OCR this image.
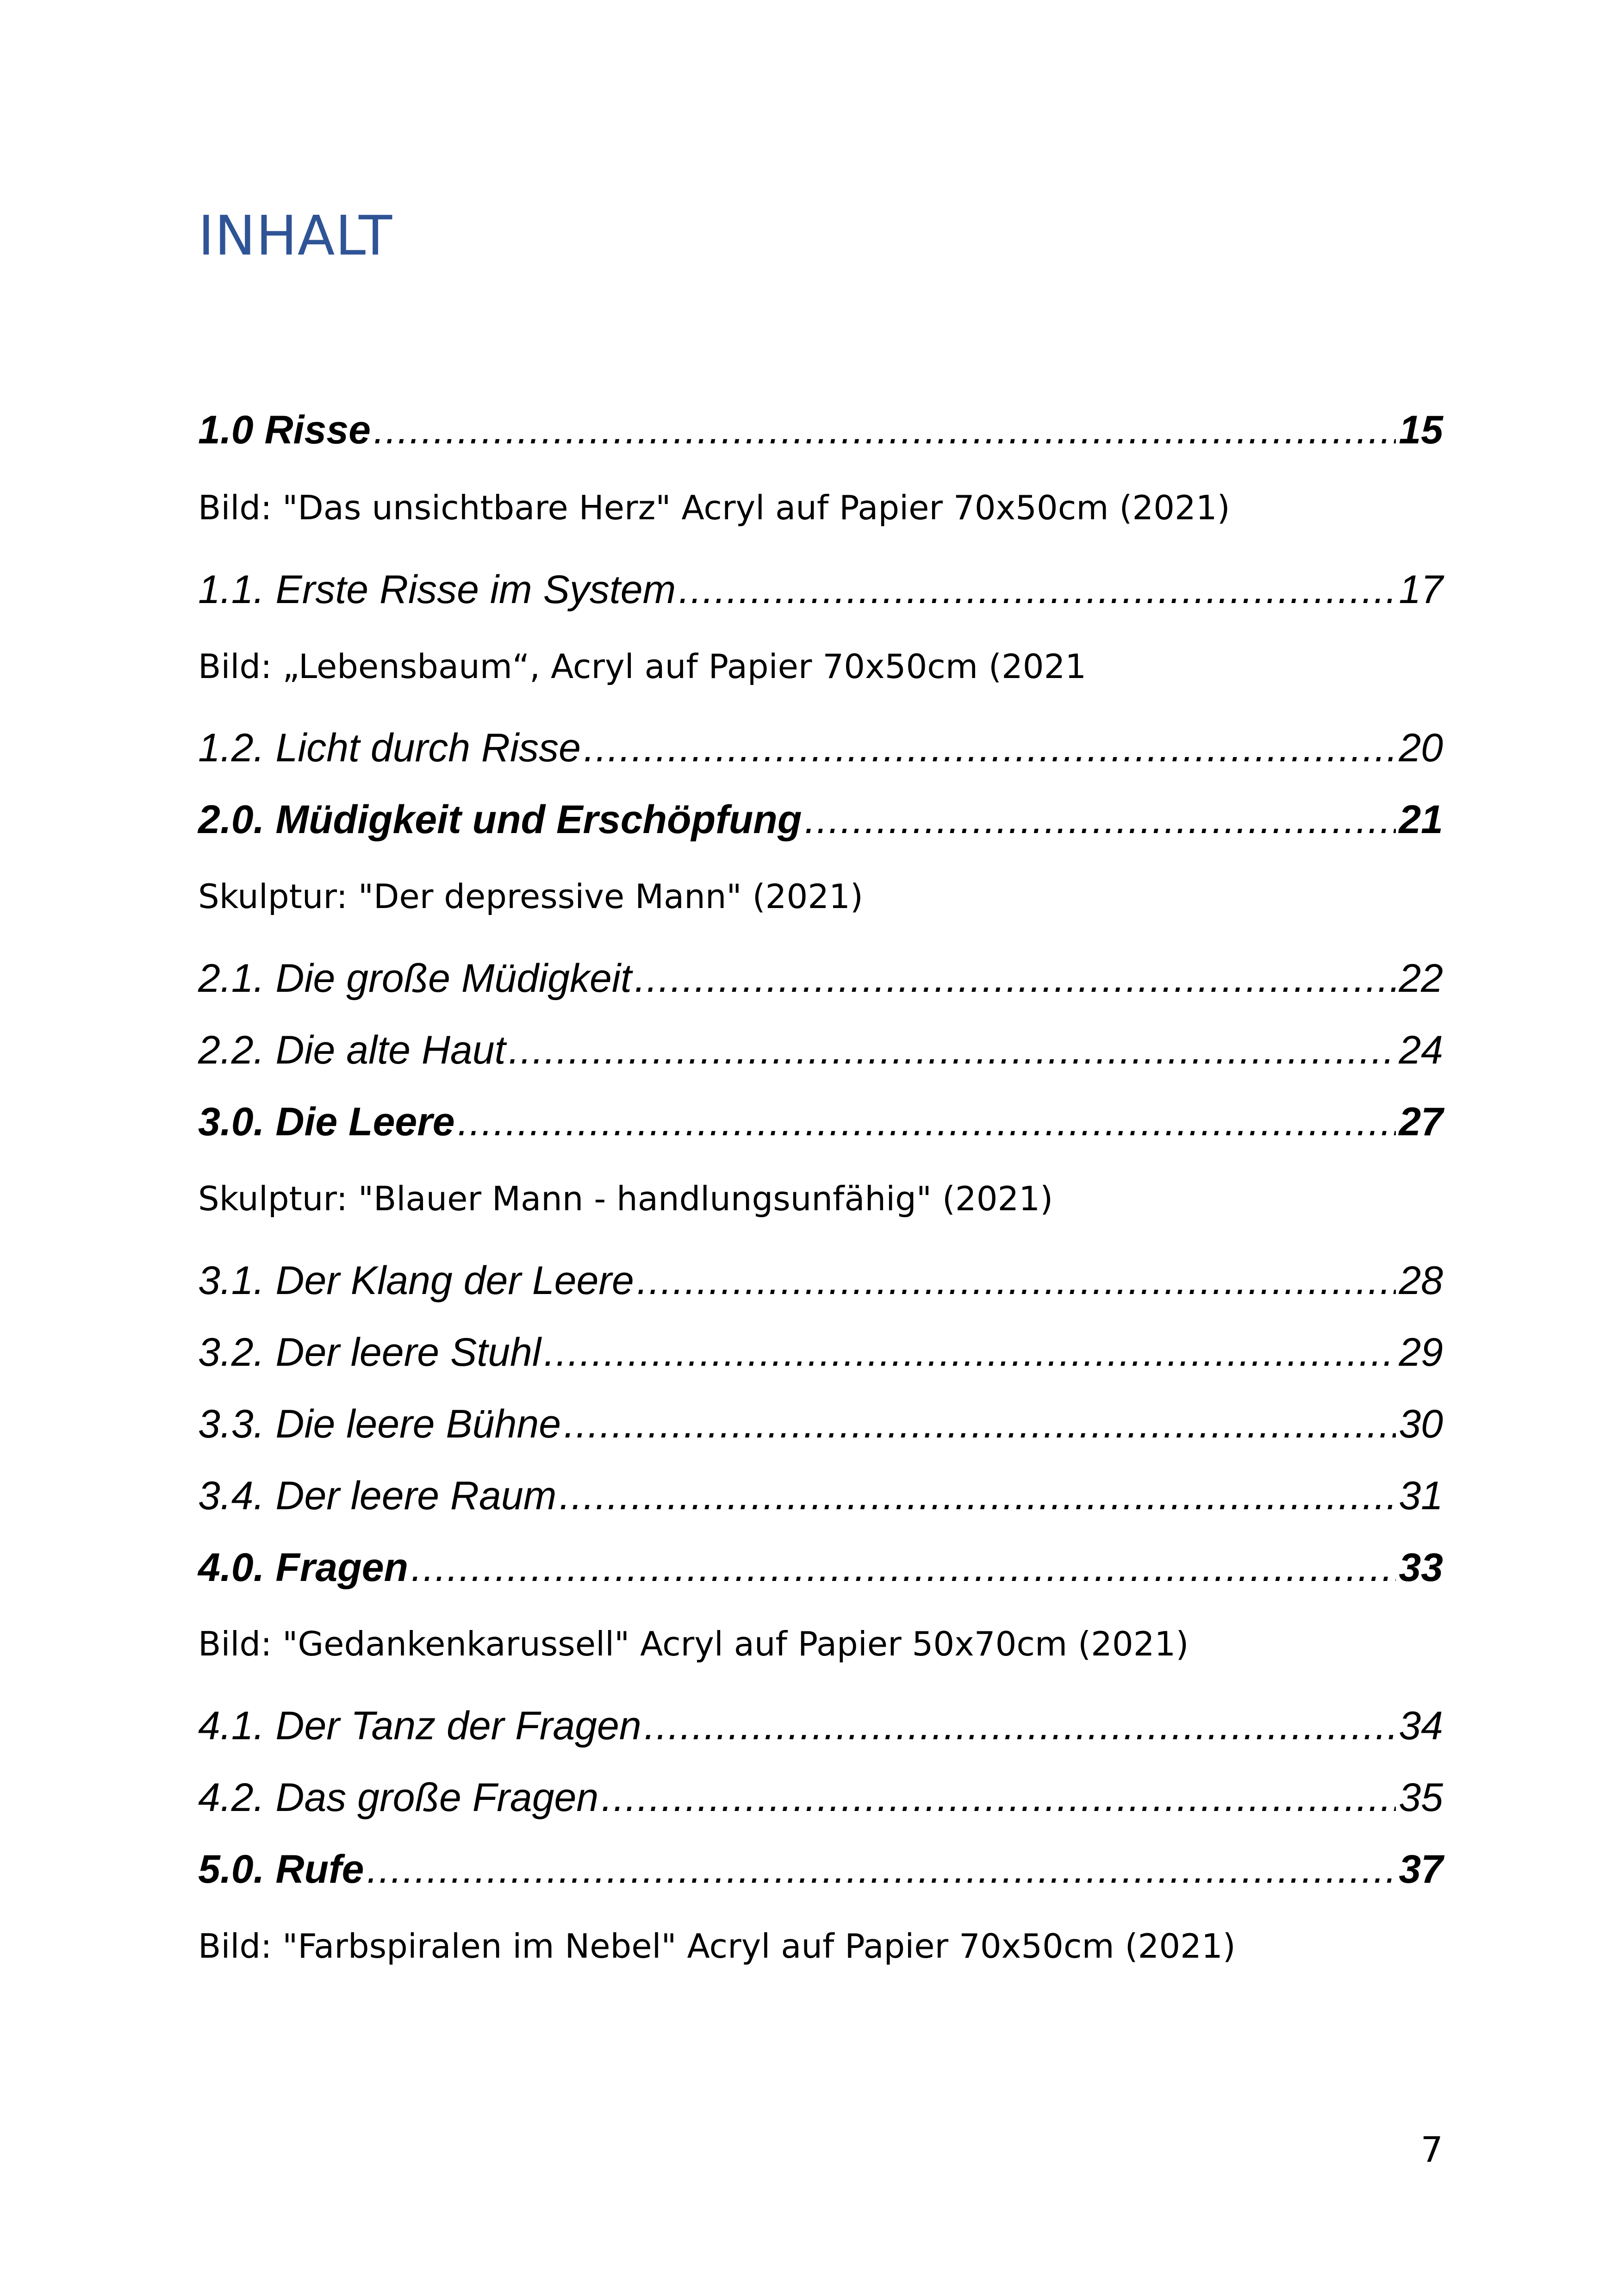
INHALT
1.0 Risse .....	15
Bild: "Das unsichtbare Herz" Acryl auf Papier 70x50cm (2021)
1.1. Erste Risse im System .....	17
Bild: „Lebensbaum“, Acryl auf Papier 70x50cm (2021
1.2. Licht durch Risse .....	20
2.0. Müdigkeit und Erschöpfung .....	21
Skulptur: "Der depressive Mann" (2021)
2.1. Die große Müdigkeit .....	22
2.2. Die alte Haut .....	24
3.0. Die Leere .....	27
Skulptur: "Blauer Mann - handlungsunfähig" (2021)
3.1. Der Klang der Leere .....	28
3.2. Der leere Stuhl .....	29
3.3. Die leere Bühne .....	30
3.4. Der leere Raum .....	31
4.0. Fragen .....	33
Bild: "Gedankenkarussell" Acryl auf Papier 50x70cm (2021)
4.1. Der Tanz der Fragen .....	34
4.2. Das große Fragen .....	35
5.0. Rufe .....	37
Bild: "Farbspiralen im Nebel" Acryl auf Papier 70x50cm (2021)
7
